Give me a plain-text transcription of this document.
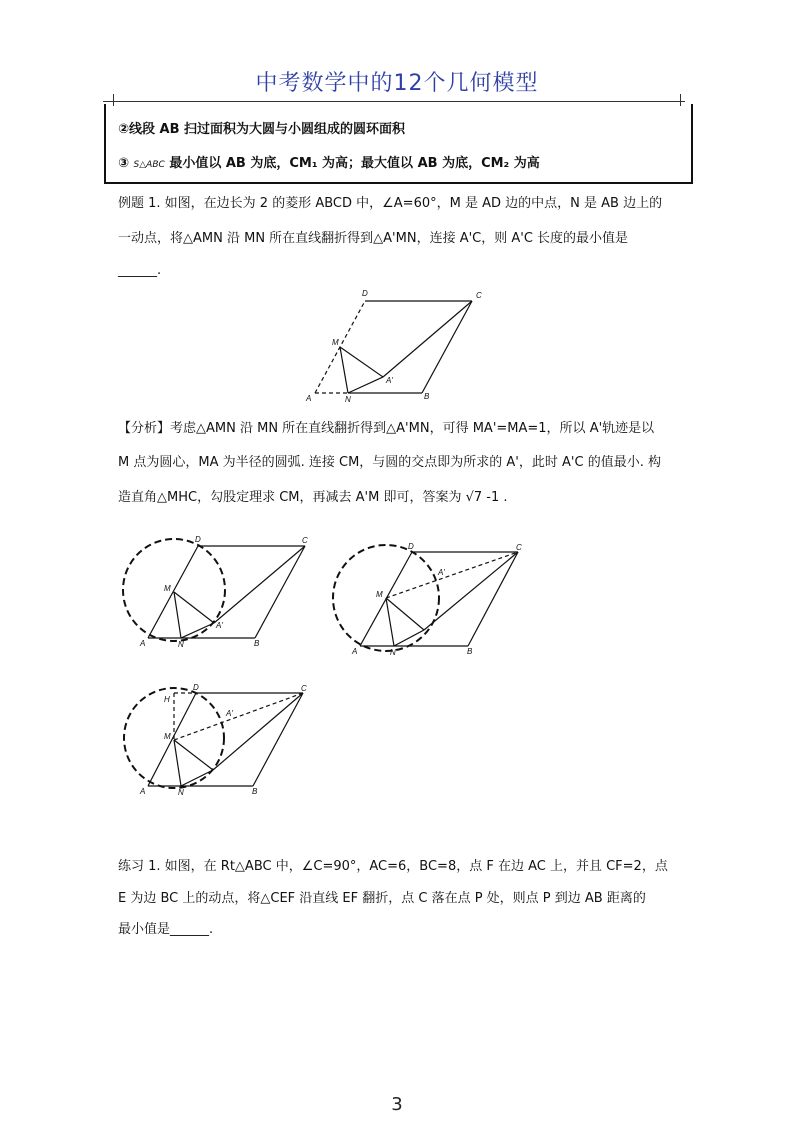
中考数学中的12个几何模型
②线段 AB 扫过面积为大圆与小圆组成的圆环面积
③ S△ABC 最小值以 AB 为底，CM₁ 为高；最大值以 AB 为底，CM₂ 为高
例题 1. 如图，在边长为 2 的菱形 ABCD 中，∠A=60°，M 是 AD 边的中点，N 是 AB 边上的
一动点，将△AMN 沿 MN 所在直线翻折得到△A'MN，连接 A'C，则 A'C 长度的最小值是
______.
A	B
C
D
M
N
A'
【分析】考虑△AMN 沿 MN 所在直线翻折得到△A'MN，可得 MA'=MA=1，所以 A'轨迹是以
M 点为圆心，MA 为半径的圆弧. 连接 CM，与圆的交点即为所求的 A'，此时 A'C 的值最小. 构
造直角△MHC，勾股定理求 CM，再减去 A'M 即可，答案为 √7 -1 .
A	B
C
D
M
N
A'
A	B
C
D
M
N
A'
A	B
C
D
M
H
N
A'
练习 1. 如图，在 Rt△ABC 中，∠C=90°，AC=6，BC=8，点 F 在边 AC 上，并且 CF=2，点
E 为边 BC 上的动点，将△CEF 沿直线 EF 翻折，点 C 落在点 P 处，则点 P 到边 AB 距离的
最小值是______.
3
